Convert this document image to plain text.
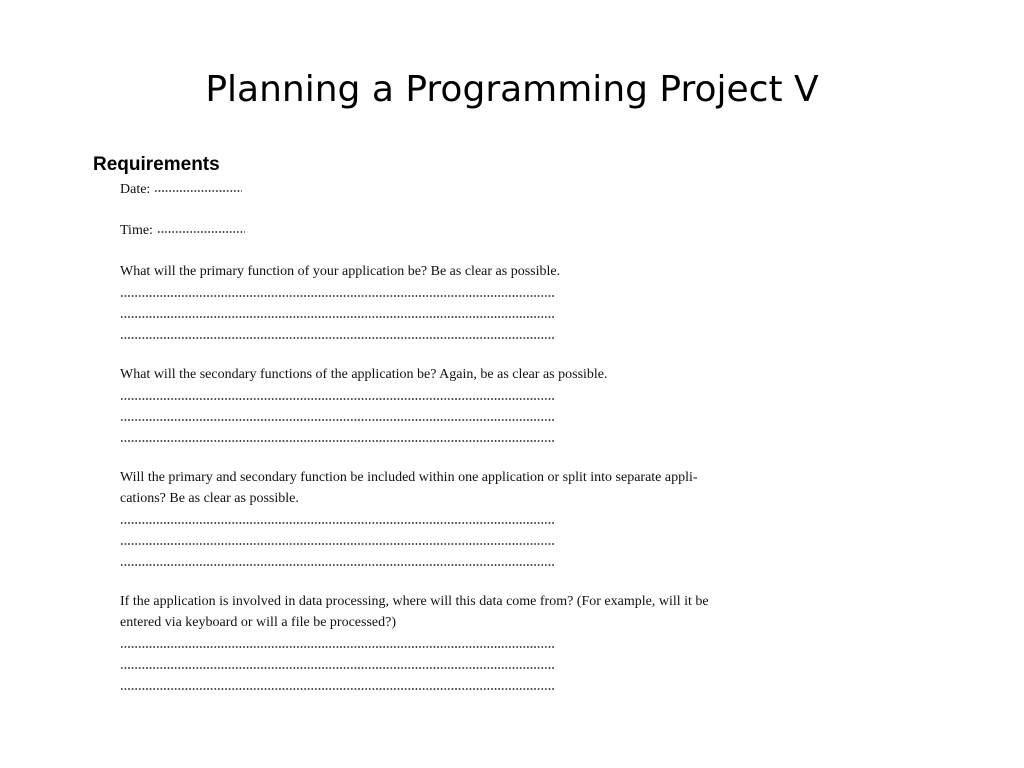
Planning a Programming Project V
Requirements
Date:
Time:
What will the primary function of your application be? Be as clear as possible.
What will the secondary functions of the application be? Again, be as clear as possible.
Will the primary and secondary function be included within one application or split into separate appli-
cations? Be as clear as possible.
If the application is involved in data processing, where will this data come from? (For example, will it be
entered via keyboard or will a file be processed?)
